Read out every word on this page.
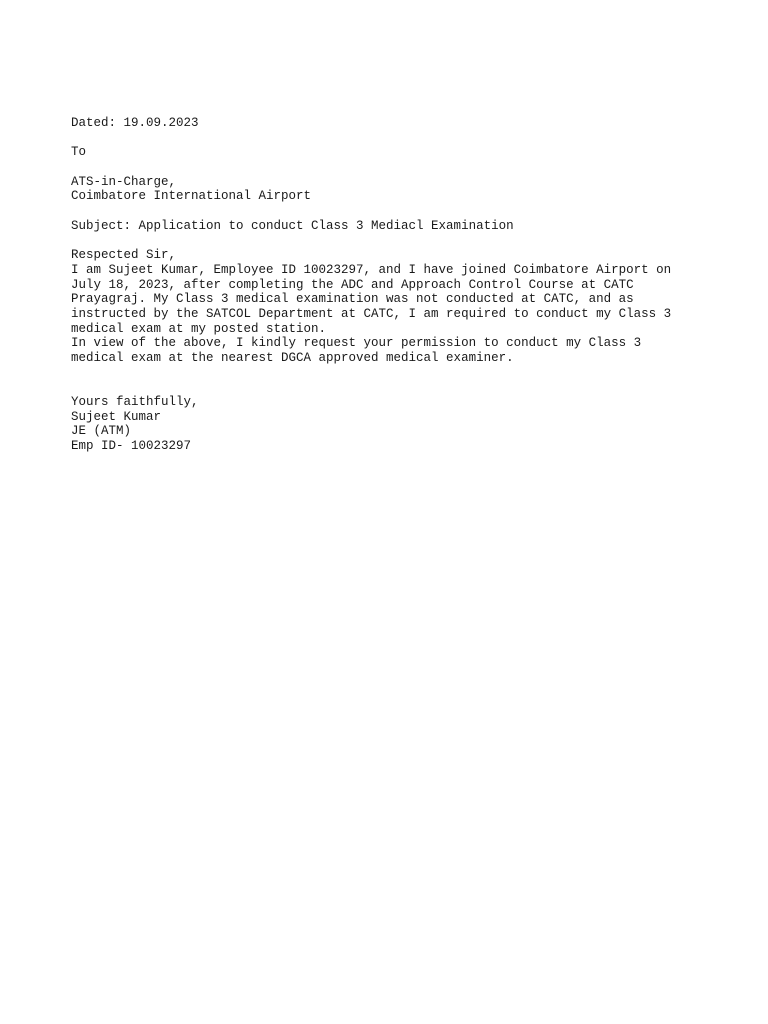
Dated: 19.09.2023
To
ATS-in-Charge,
Coimbatore International Airport
Subject: Application to conduct Class 3 Mediacl Examination
Respected Sir,
I am Sujeet Kumar, Employee ID 10023297, and I have joined Coimbatore Airport on
July 18, 2023, after completing the ADC and Approach Control Course at CATC
Prayagraj. My Class 3 medical examination was not conducted at CATC, and as
instructed by the SATCOL Department at CATC, I am required to conduct my Class 3
medical exam at my posted station.
In view of the above, I kindly request your permission to conduct my Class 3
medical exam at the nearest DGCA approved medical examiner.
Yours faithfully,
Sujeet Kumar
JE (ATM)
Emp ID- 10023297
